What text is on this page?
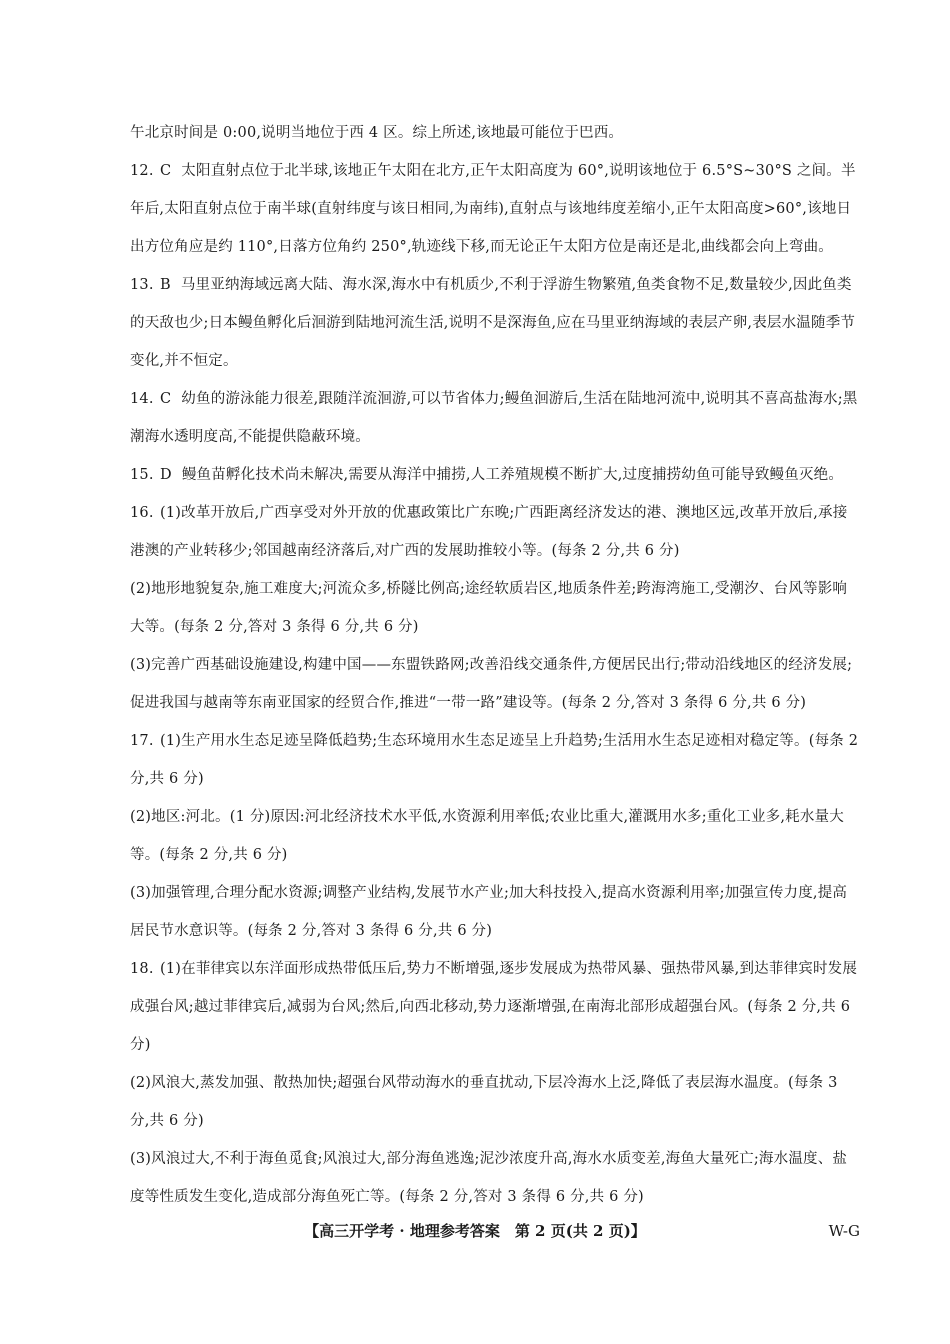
午北京时间是 0:00,说明当地位于西 4 区。综上所述,该地最可能位于巴西。

12. C 太阳直射点位于北半球,该地正午太阳在北方,正午太阳高度为 60°,说明该地位于 6.5°S~30°S 之间。半年后,太阳直射点位于南半球(直射纬度与该日相同,为南纬),直射点与该地纬度差缩小,正午太阳高度>60°,该地日出方位角应是约 110°,日落方位角约 250°,轨迹线下移,而无论正午太阳方位是南还是北,曲线都会向上弯曲。

13. B 马里亚纳海域远离大陆、海水深,海水中有机质少,不利于浮游生物繁殖,鱼类食物不足,数量较少,因此鱼类的天敌也少;日本鳗鱼孵化后洄游到陆地河流生活,说明不是深海鱼,应在马里亚纳海域的表层产卵,表层水温随季节变化,并不恒定。

14. C 幼鱼的游泳能力很差,跟随洋流洄游,可以节省体力;鳗鱼洄游后,生活在陆地河流中,说明其不喜高盐海水;黑潮海水透明度高,不能提供隐蔽环境。

15. D 鳗鱼苗孵化技术尚未解决,需要从海洋中捕捞,人工养殖规模不断扩大,过度捕捞幼鱼可能导致鳗鱼灭绝。

16. (1)改革开放后,广西享受对外开放的优惠政策比广东晚;广西距离经济发达的港、澳地区远,改革开放后,承接港澳的产业转移少;邻国越南经济落后,对广西的发展助推较小等。(每条 2 分,共 6 分)

(2)地形地貌复杂,施工难度大;河流众多,桥隧比例高;途经软质岩区,地质条件差;跨海湾施工,受潮汐、台风等影响大等。(每条 2 分,答对 3 条得 6 分,共 6 分)

(3)完善广西基础设施建设,构建中国——东盟铁路网;改善沿线交通条件,方便居民出行;带动沿线地区的经济发展;促进我国与越南等东南亚国家的经贸合作,推进“一带一路”建设等。(每条 2 分,答对 3 条得 6 分,共 6 分)

17. (1)生产用水生态足迹呈降低趋势;生态环境用水生态足迹呈上升趋势;生活用水生态足迹相对稳定等。(每条 2 分,共 6 分)

(2)地区:河北。(1 分)原因:河北经济技术水平低,水资源利用率低;农业比重大,灌溉用水多;重化工业多,耗水量大等。(每条 2 分,共 6 分)

(3)加强管理,合理分配水资源;调整产业结构,发展节水产业;加大科技投入,提高水资源利用率;加强宣传力度,提高居民节水意识等。(每条 2 分,答对 3 条得 6 分,共 6 分)

18. (1)在菲律宾以东洋面形成热带低压后,势力不断增强,逐步发展成为热带风暴、强热带风暴,到达菲律宾时发展成强台风;越过菲律宾后,减弱为台风;然后,向西北移动,势力逐渐增强,在南海北部形成超强台风。(每条 2 分,共 6 分)

(2)风浪大,蒸发加强、散热加快;超强台风带动海水的垂直扰动,下层冷海水上泛,降低了表层海水温度。(每条 3 分,共 6 分)

(3)风浪过大,不利于海鱼觅食;风浪过大,部分海鱼逃逸;泥沙浓度升高,海水水质变差,海鱼大量死亡;海水温度、盐度等性质发生变化,造成部分海鱼死亡等。(每条 2 分,答对 3 条得 6 分,共 6 分)

【高三开学考 · 地理参考答案　第 2 页(共 2 页)】	W-G
